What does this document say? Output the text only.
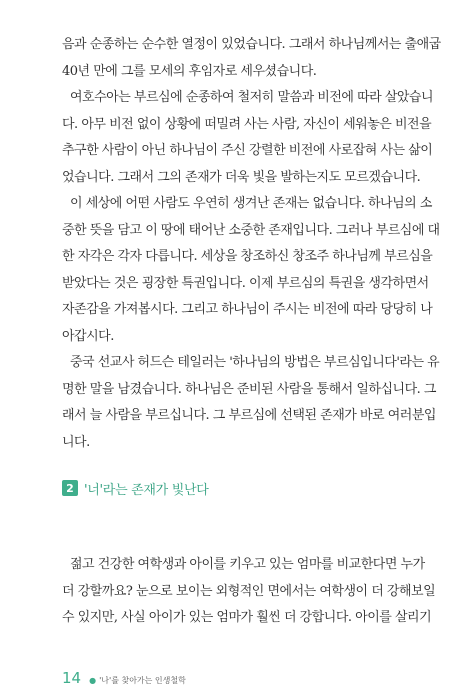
음과 순종하는 순수한 열정이 있었습니다. 그래서 하나님께서는 출애굽
40년 만에 그를 모세의 후임자로 세우셨습니다.
여호수아는 부르심에 순종하여 철저히 말씀과 비전에 따라 살았습니
다. 아무 비전 없이 상황에 떠밀려 사는 사람, 자신이 세워놓은 비전을
추구한 사람이 아닌 하나님이 주신 강렬한 비전에 사로잡혀 사는 삶이
었습니다. 그래서 그의 존재가 더욱 빛을 발하는지도 모르겠습니다.
이 세상에 어떤 사람도 우연히 생겨난 존재는 없습니다. 하나님의 소
중한 뜻을 담고 이 땅에 태어난 소중한 존재입니다. 그러나 부르심에 대
한 자각은 각자 다릅니다. 세상을 창조하신 창조주 하나님께 부르심을
받았다는 것은 굉장한 특권입니다. 이제 부르심의 특권을 생각하면서
자존감을 가져봅시다. 그리고 하나님이 주시는 비전에 따라 당당히 나
아갑시다.
중국 선교사 허드슨 테일러는 '하나님의 방법은 부르심입니다'라는 유
명한 말을 남겼습니다. 하나님은 준비된 사람을 통해서 일하십니다. 그
래서 늘 사람을 부르십니다. 그 부르심에 선택된 존재가 바로 여러분입
니다.
2 '너'라는 존재가 빛난다
젊고 건강한 여학생과 아이를 키우고 있는 엄마를 비교한다면 누가
더 강할까요? 눈으로 보이는 외형적인 면에서는 여학생이 더 강해보일
수 있지만, 사실 아이가 있는 엄마가 훨씬 더 강합니다. 아이를 살리기
14 ● '나'를 찾아가는 인생철학
